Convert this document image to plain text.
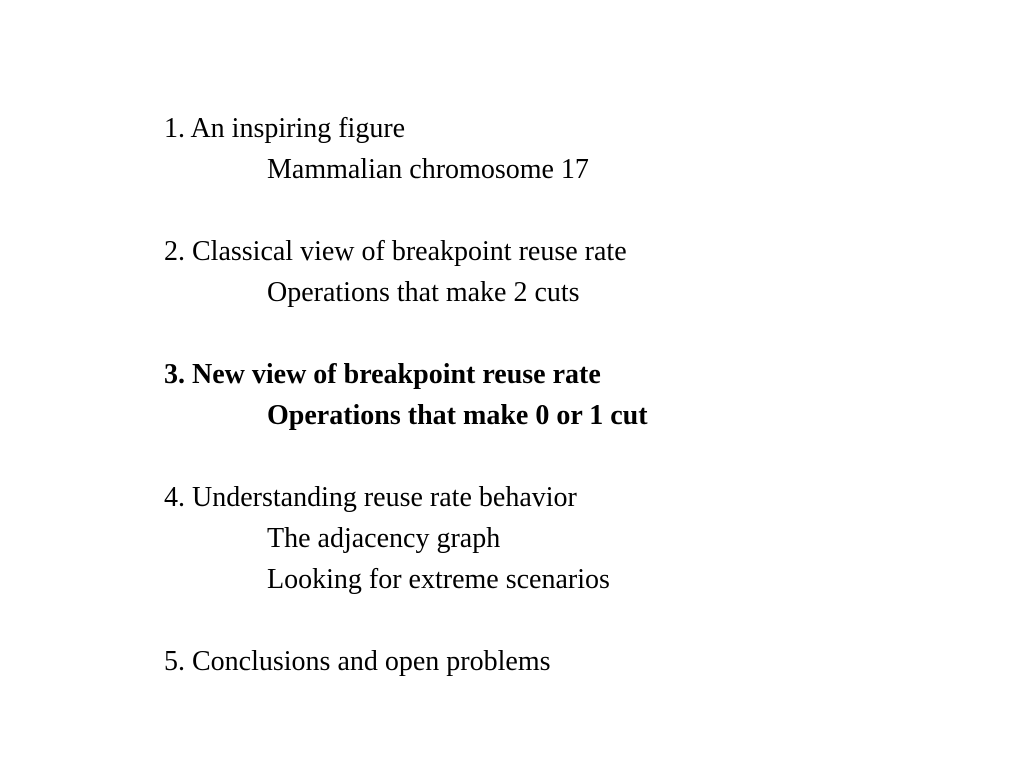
1. An inspiring figure
Mammalian chromosome 17
2. Classical view of breakpoint reuse rate
Operations that make 2 cuts
3. New view of breakpoint reuse rate
Operations that make 0 or 1 cut
4. Understanding reuse rate behavior
The adjacency graph
Looking for extreme scenarios
5. Conclusions and open problems
